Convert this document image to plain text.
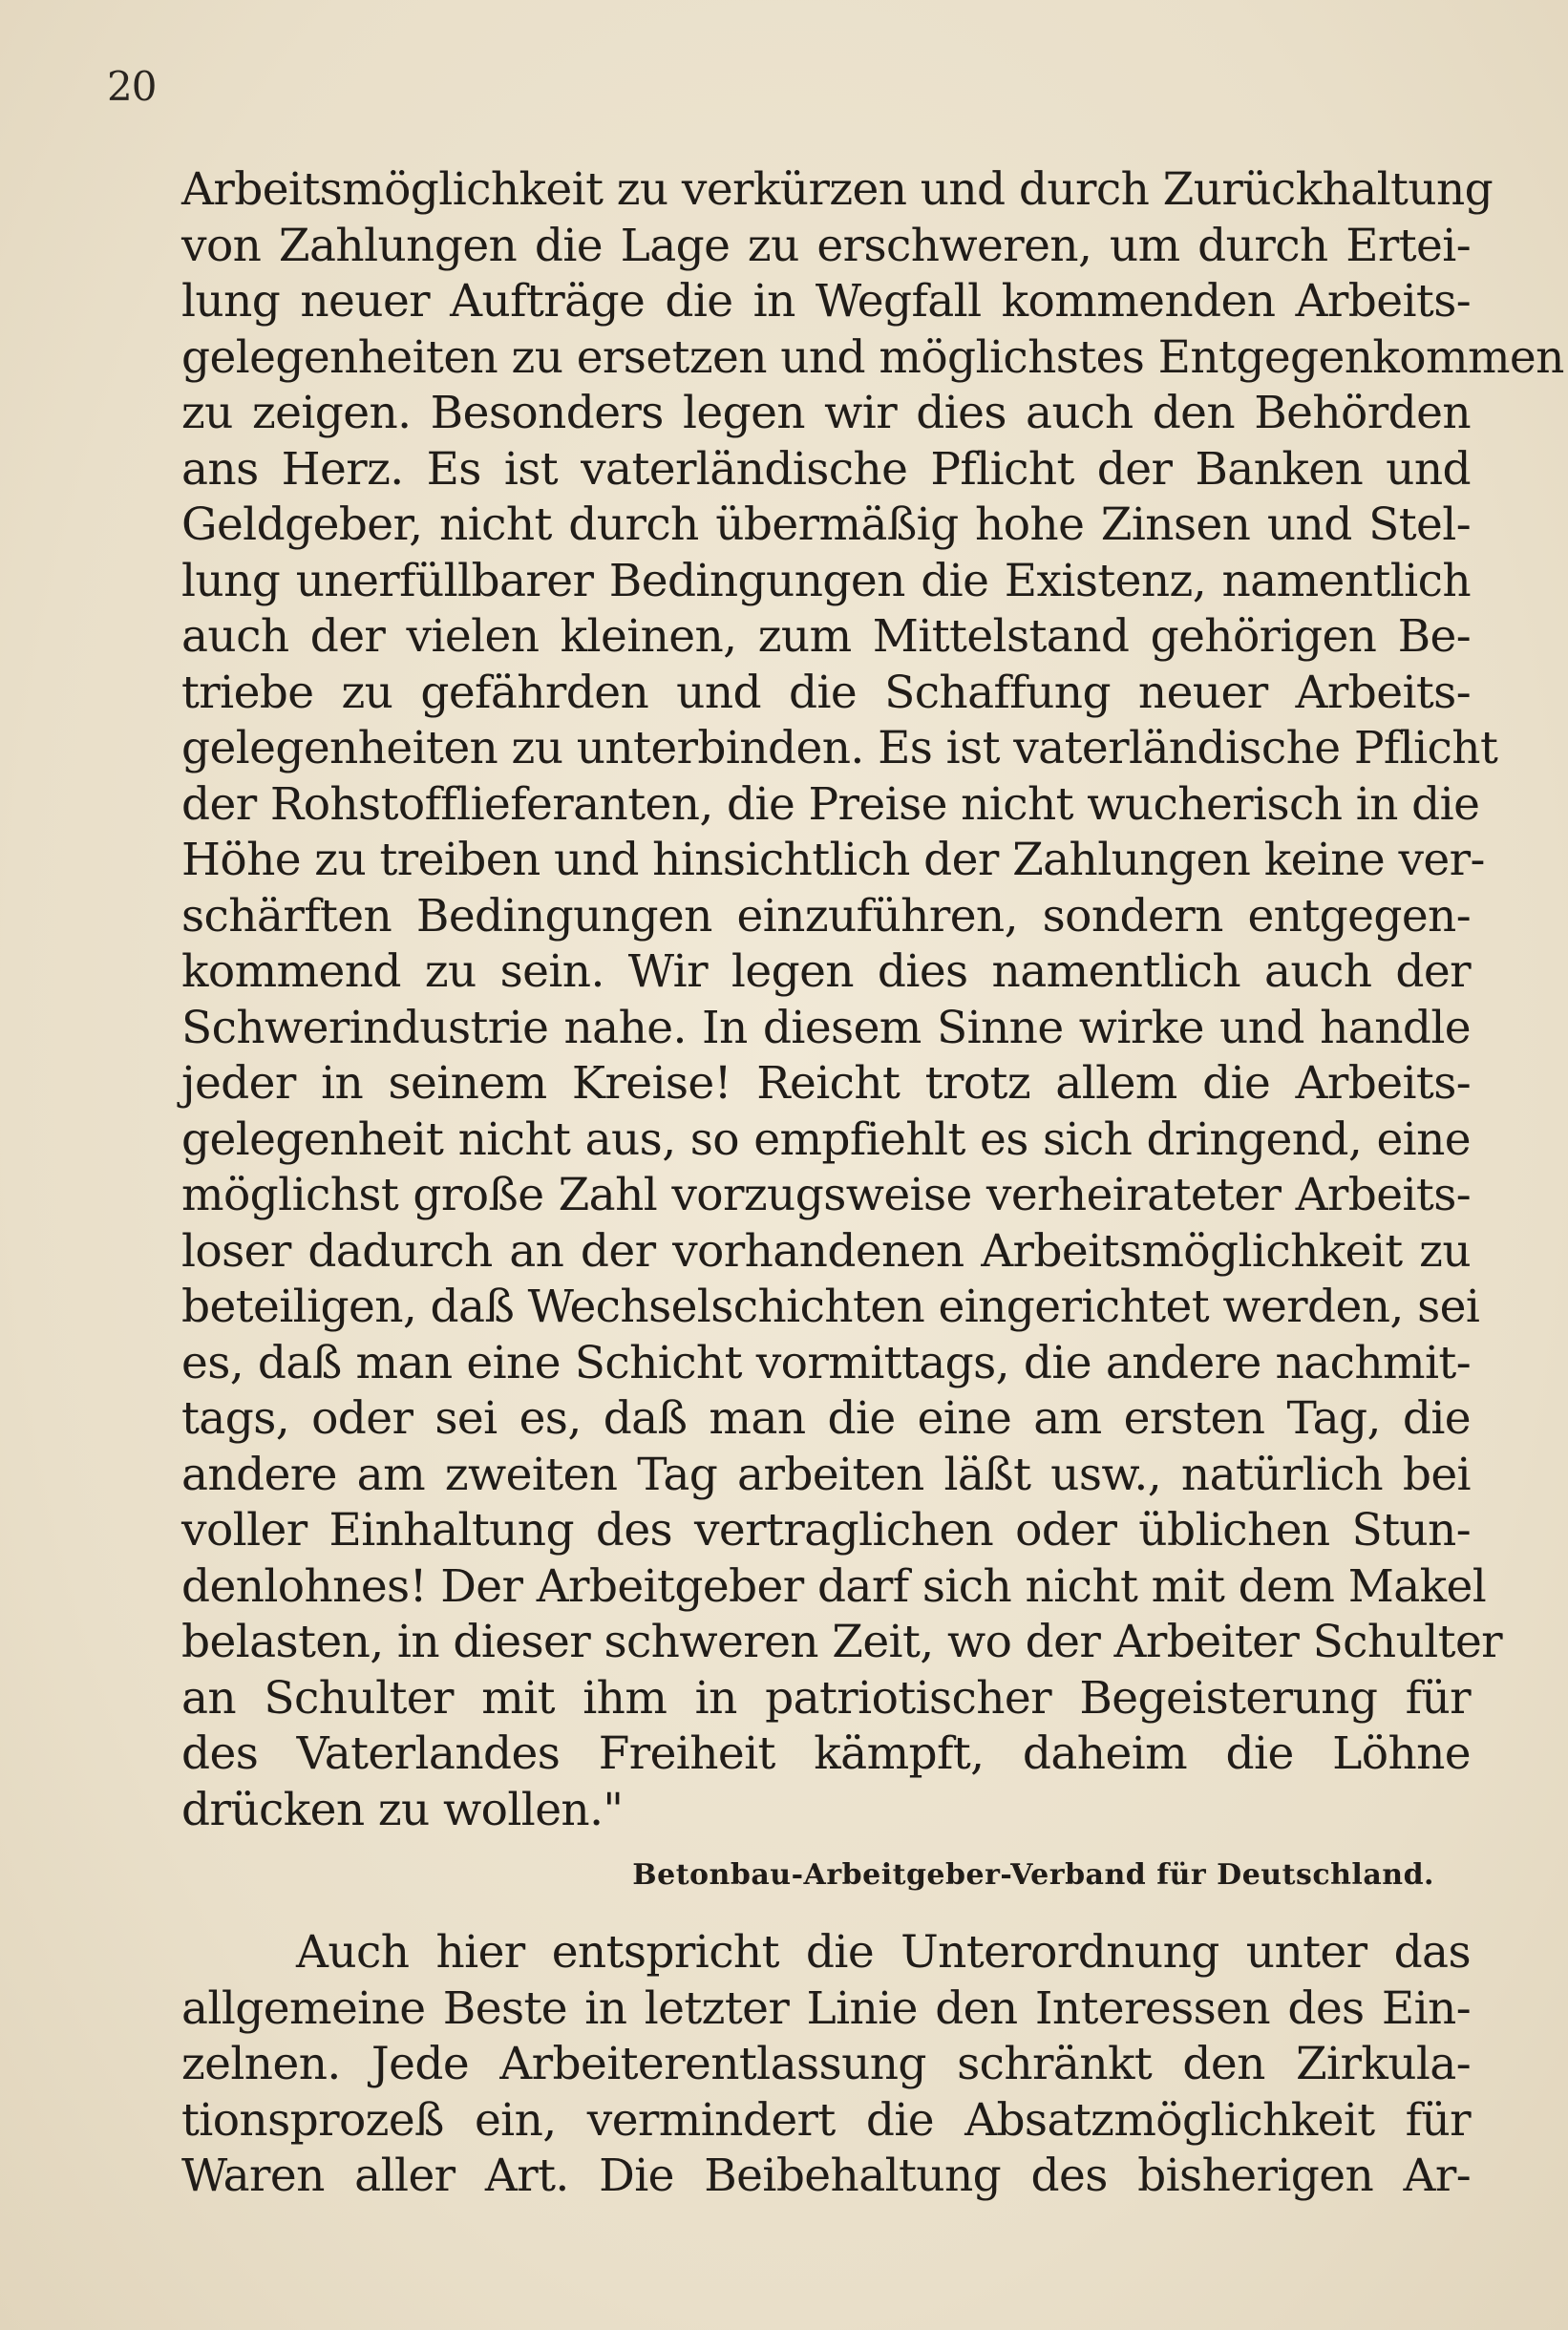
20
Arbeitsmöglichkeit zu verkürzen und durch Zurückhaltung
von Zahlungen die Lage zu erschweren, um durch Ertei-
lung neuer Aufträge die in Wegfall kommenden Arbeits-
gelegenheiten zu ersetzen und möglichstes Entgegenkommen
zu zeigen. Besonders legen wir dies auch den Behörden
ans Herz. Es ist vaterländische Pflicht der Banken und
Geldgeber, nicht durch übermäßig hohe Zinsen und Stel-
lung unerfüllbarer Bedingungen die Existenz, namentlich
auch der vielen kleinen, zum Mittelstand gehörigen Be-
triebe zu gefährden und die Schaffung neuer Arbeits-
gelegenheiten zu unterbinden. Es ist vaterländische Pflicht
der Rohstofflieferanten, die Preise nicht wucherisch in die
Höhe zu treiben und hinsichtlich der Zahlungen keine ver-
schärften Bedingungen einzuführen, sondern entgegen-
kommend zu sein. Wir legen dies namentlich auch der
Schwerindustrie nahe. In diesem Sinne wirke und handle
jeder in seinem Kreise! Reicht trotz allem die Arbeits-
gelegenheit nicht aus, so empfiehlt es sich dringend, eine
möglichst große Zahl vorzugsweise verheirateter Arbeits-
loser dadurch an der vorhandenen Arbeitsmöglichkeit zu
beteiligen, daß Wechselschichten eingerichtet werden, sei
es, daß man eine Schicht vormittags, die andere nachmit-
tags, oder sei es, daß man die eine am ersten Tag, die
andere am zweiten Tag arbeiten läßt usw., natürlich bei
voller Einhaltung des vertraglichen oder üblichen Stun-
denlohnes! Der Arbeitgeber darf sich nicht mit dem Makel
belasten, in dieser schweren Zeit, wo der Arbeiter Schulter
an Schulter mit ihm in patriotischer Begeisterung für
des Vaterlandes Freiheit kämpft, daheim die Löhne
drücken zu wollen."
Betonbau-Arbeitgeber-Verband für Deutschland.
Auch hier entspricht die Unterordnung unter das
allgemeine Beste in letzter Linie den Interessen des Ein-
zelnen. Jede Arbeiterentlassung schränkt den Zirkula-
tionsprozeß ein, vermindert die Absatzmöglichkeit für
Waren aller Art. Die Beibehaltung des bisherigen Ar-
